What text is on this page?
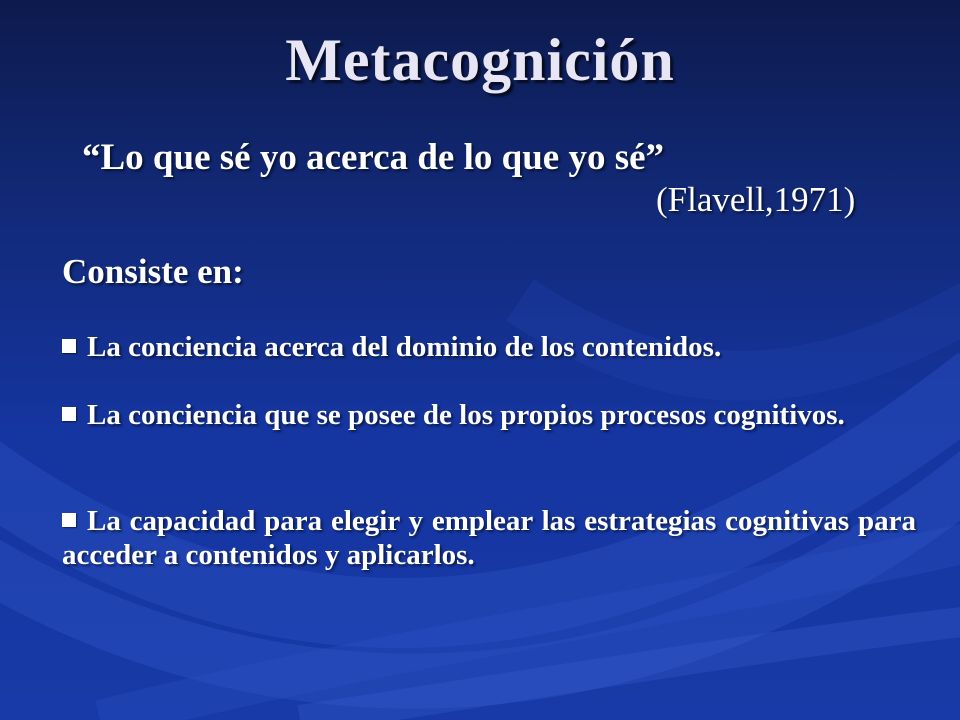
Metacognición
“Lo que sé yo acerca de lo que yo sé”
(Flavell,1971)
Consiste en:
La conciencia acerca del dominio de los contenidos.
La conciencia que se posee de los propios procesos cognitivos.
La capacidad para elegir y emplear las estrategias cognitivas para acceder a contenidos y aplicarlos.
